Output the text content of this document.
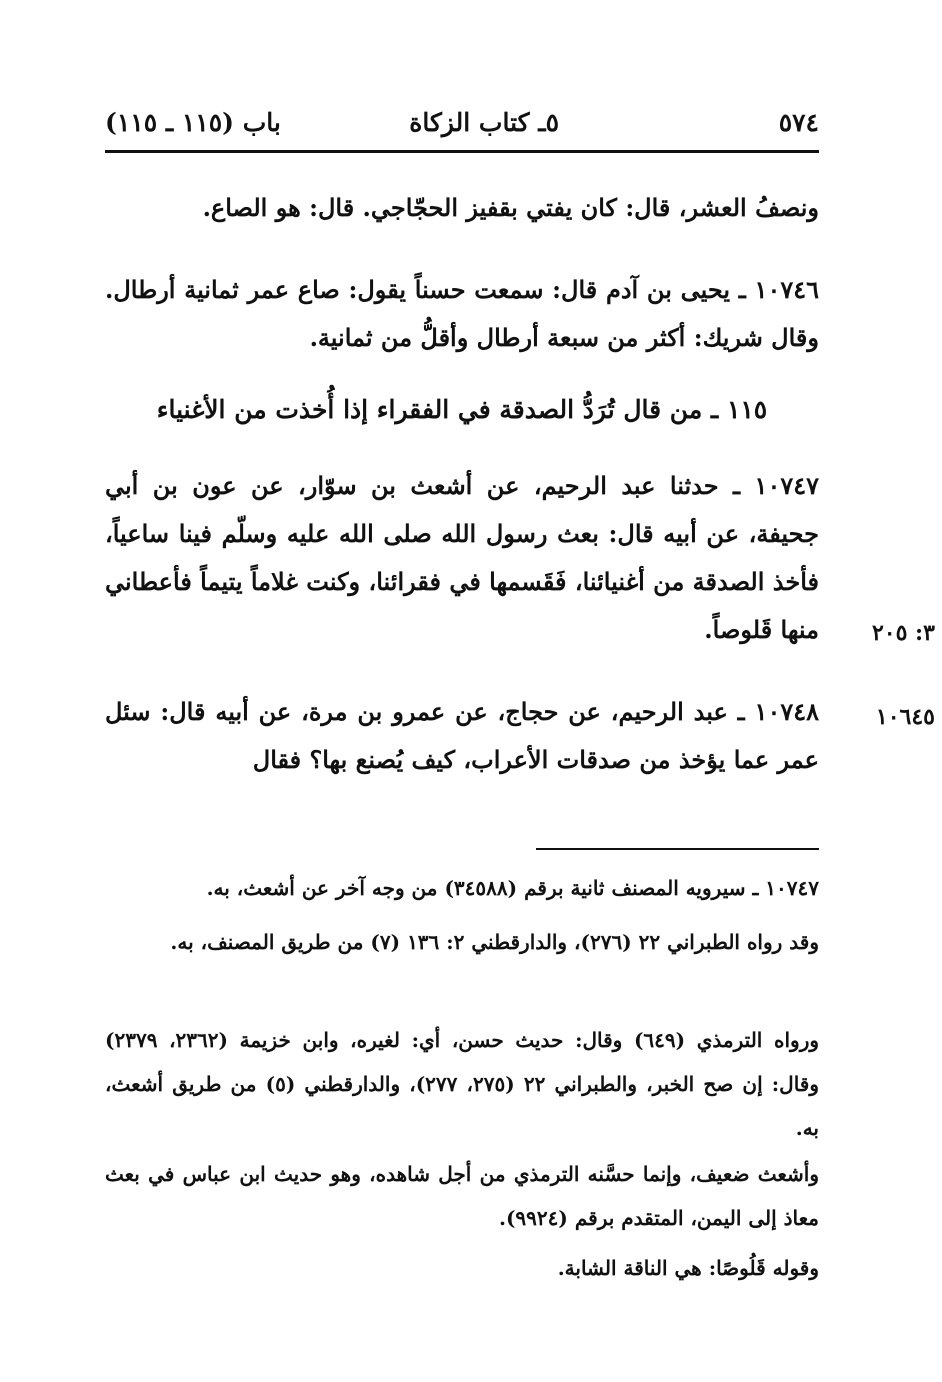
٥٧٤
٥ـ كتاب الزكاة
باب (١١٥ ـ ١١٥)
ونصفُ العشر، قال: كان يفتي بقفيز الحجّاجي. قال: هو الصاع.
١٠٧٤٦ ـ يحيى بن آدم قال: سمعت حسناً يقول: صاع عمر ثمانية أرطال. وقال شريك: أكثر من سبعة أرطال وأقلُّ من ثمانية.
١١٥ ـ من قال تُرَدُّ الصدقة في الفقراء إذا أُخذت من الأغنياء
١٠٧٤٧ ـ حدثنا عبد الرحيم، عن أشعث بن سوّار، عن عون بن أبي جحيفة، عن أبيه قال: بعث رسول الله صلى الله عليه وسلّم فينا ساعياً، فأخذ الصدقة من أغنيائنا، فَقَسمها في فقرائنا، وكنت غلاماً يتيماً فأعطاني منها قَلوصاً.	٣: ٢٠٥
١٠٧٤٨ ـ عبد الرحيم، عن حجاج، عن عمرو بن مرة، عن أبيه قال: سئل عمر عما يؤخذ من صدقات الأعراب، كيف يُصنع بها؟ فقال
١٠٦٤٥
١٠٧٤٧ ـ سيرويه المصنف ثانية برقم (٣٤٥٨٨) من وجه آخر عن أشعث، به.
وقد رواه الطبراني ٢٢ (٢٧٦)، والدارقطني ٢: ١٣٦ (٧) من طريق المصنف، به.
ورواه الترمذي (٦٤٩) وقال: حديث حسن، أي: لغيره، وابن خزيمة (٢٣٦٢، ٢٣٧٩) وقال: إن صح الخبر، والطبراني ٢٢ (٢٧٥، ٢٧٧)، والدارقطني (٥) من طريق أشعث، به.
وأشعث ضعيف، وإنما حسَّنه الترمذي من أجل شاهده، وهو حديث ابن عباس في بعث معاذ إلى اليمن، المتقدم برقم (٩٩٢٤).
وقوله قَلُوصًا: هي الناقة الشابة.
